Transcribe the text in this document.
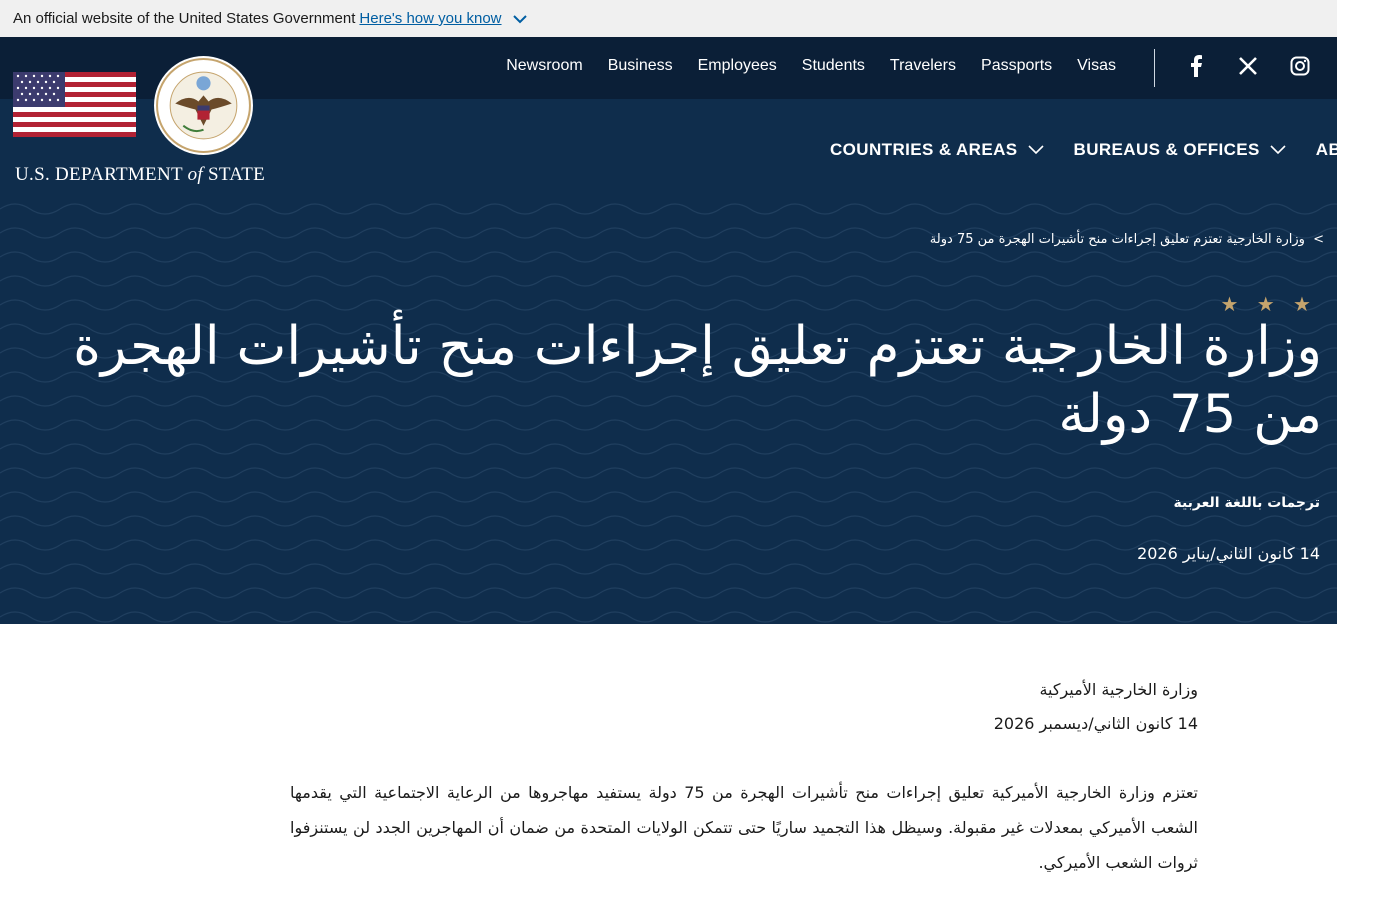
An official website of the United States Government Here's how you know
U.S. DEPARTMENT of STATE
Newsroom Business Employees Students Travelers Passports Visas
COUNTRIES & AREAS	BUREAUS & OFFICES	ABOUT
> وزارة الخارجية تعتزم تعليق إجراءات منح تأشيرات الهجرة من 75 دولة
★ ★ ★
وزارة الخارجية تعتزم تعليق إجراءات منح تأشيرات الهجرة من 75 دولة
ترجمات باللغة العربية
14 كانون الثاني/يناير 2026
وزارة الخارجية الأميركية
14 كانون الثاني/ديسمبر 2026

تعتزم وزارة الخارجية الأميركية تعليق إجراءات منح تأشيرات الهجرة من 75 دولة يستفيد مهاجروها من الرعاية الاجتماعية التي يقدمها الشعب الأميركي بمعدلات غير مقبولة. وسيظل هذا التجميد ساريًا حتى تتمكن الولايات المتحدة من ضمان أن المهاجرين الجدد لن يستنزفوا ثروات الشعب الأميركي.
